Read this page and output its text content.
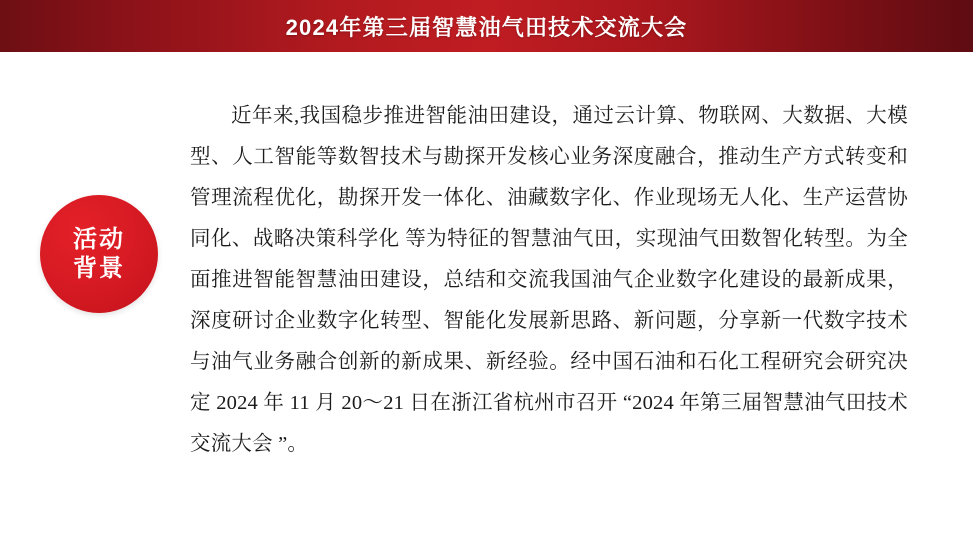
2024年第三届智慧油气田技术交流大会
活动
背景

近年来,我国稳步推进智能油田建设，通过云计算、物联网、大数据、大模型、人工智能等数智技术与勘探开发核心业务深度融合，推动生产方式转变和管理流程优化，勘探开发一体化、油藏数字化、作业现场无人化、生产运营协同化、战略决策科学化 等为特征的智慧油气田，实现油气田数智化转型。为全面推进智能智慧油田建设，总结和交流我国油气企业数字化建设的最新成果，深度研讨企业数字化转型、智能化发展新思路、新问题，分享新一代数字技术与油气业务融合创新的新成果、新经验。经中国石油和石化工程研究会研究决定 2024 年 11 月 20～21 日在浙江省杭州市召开 “2024 年第三届智慧油气田技术交流大会 ”。
